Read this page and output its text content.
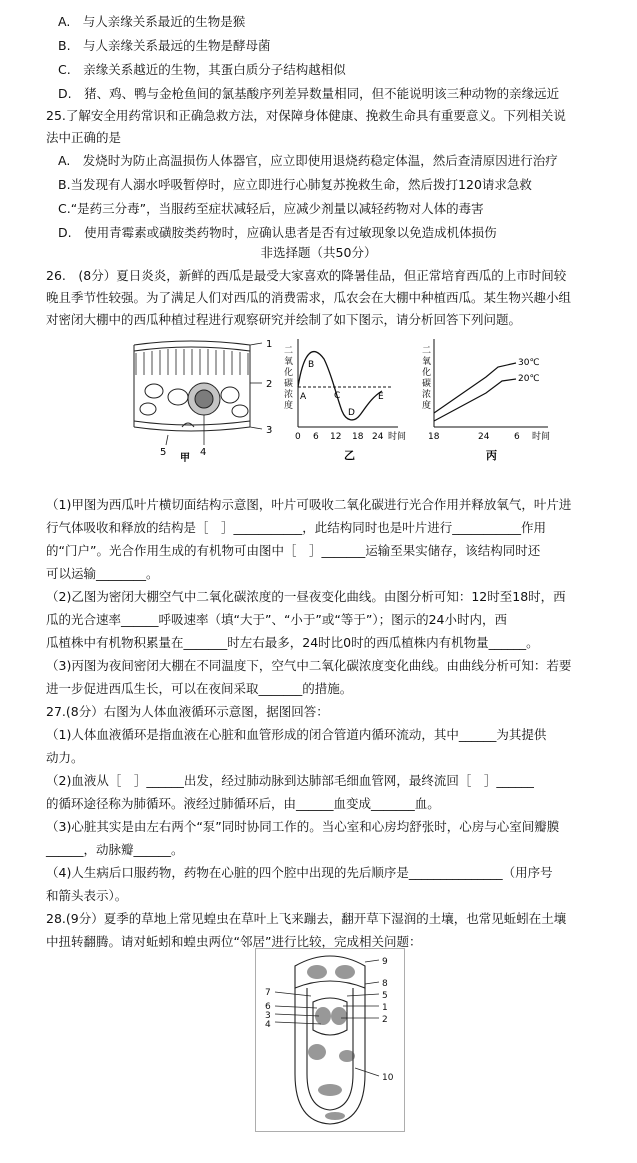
A.　与人亲缘关系最近的生物是猴
B.　与人亲缘关系最远的生物是酵母菌
C.　亲缘关系越近的生物，其蛋白质分子结构越相似
D.　猪、鸡、鸭与金枪鱼间的氯基酸序列差异数量相同，但不能说明该三种动物的亲缘远近
25.了解安全用药常识和正确急救方法，对保障身体健康、挽救生命具有重要意义。下列相关说
法中正确的是
A.　发烧时为防止高温损伤人体器官，应立即使用退烧药稳定体温，然后查清原因进行治疗
B.当发现有人溺水呼吸暂停时，应立即进行心肺复苏挽救生命，然后拨打120请求急救
C.“是药三分毒”，当服药至症状减轻后，应减少剂量以减轻药物对人体的毒害
D.　使用青霉素或磺胺类药物时，应确认患者是否有过敏现象以免造成机体损伤
非选择题（共50分）
26.　(8分）夏日炎炎，新鲜的西瓜是最受大家喜欢的降暑佳品，但正常培育西瓜的上市时间较
晚且季节性较强。为了满足人们对西瓜的消费需求，瓜农会在大棚中种植西瓜。某生物兴趣小组
对密闭大棚中的西瓜种植过程进行观察研究并绘制了如下图示，请分析回答下列问题。
1
2
3
5	4
甲
二
氧
化
碳
浓
度
B
A	C
D
E
0 6 12 18 24 时间
乙
二
氧
化
碳
浓
度
30℃
20℃
18	24	6 时间
丙
（1)甲图为西瓜叶片横切面结构示意图，叶片可吸收二氧化碳进行光合作用并释放氧气，叶片进
行气体吸收和释放的结构是［　］___________，此结构同时也是叶片进行___________作用
的“门户”。光合作用生成的有机物可由图中［　］_______运输至果实储存，该结构同时还
可以运输________。
（2)乙图为密闭大棚空气中二氧化碳浓度的一昼夜变化曲线。由图分析可知：12时至18时，西
瓜的光合速率______呼吸速率（填“大于”、“小于”或“等于”）；图示的24小时内，西
瓜植株中有机物积累量在_______时左右最多，24时比0时的西瓜植株内有机物量______。
（3)丙图为夜间密闭大棚在不同温度下，空气中二氧化碳浓度变化曲线。由曲线分析可知：若要
进一步促进西瓜生长，可以在夜间采取_______的措施。
27.(8分）右图为人体血液循环示意图，据图回答：
（1)人体血液循环是指血液在心脏和血管形成的闭合管道内循环流动，其中______为其提供
动力。
（2)血液从［　］______出发，经过肺动脉到达肺部毛细血管网，最终流回［　］______
的循环途径称为肺循环。液经过肺循环后，由______血变成_______血。
（3)心脏其实是由左右两个“泵”同时协同工作的。当心室和心房均舒张时，心房与心室间瓣膜
______，动脉瓣______。
（4)人生病后口服药物，药物在心脏的四个腔中出现的先后顺序是_______________（用序号
和箭头表示）。
28.(9分）夏季的草地上常见蝗虫在草叶上飞来蹦去，翻开草下湿润的土壤，也常见蚯蚓在土壤
中扭转翻腾。请对蚯蚓和蝗虫两位“邻居”进行比较，完成相关问题：
9
8
5
1
2
10
7
6
3
4
